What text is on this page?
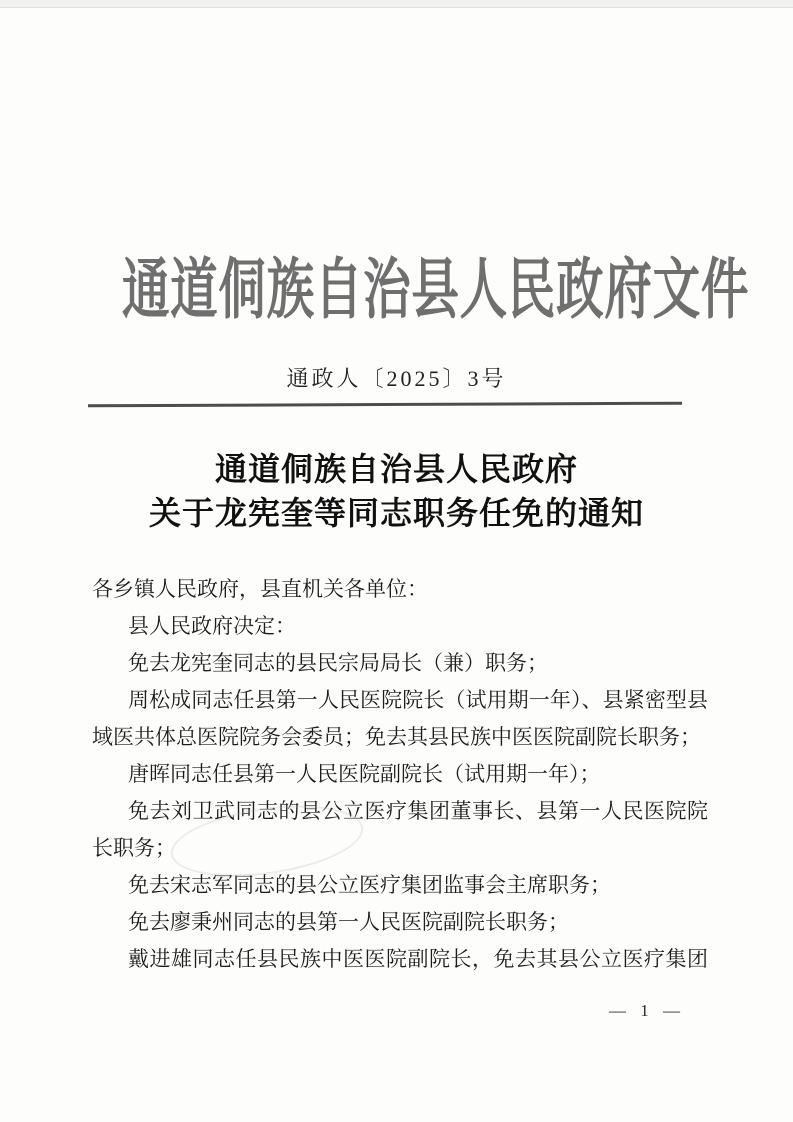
通道侗族自治县人民政府文件
通政人〔2025〕3号
通道侗族自治县人民政府
关于龙宪奎等同志职务任免的通知
各乡镇人民政府，县直机关各单位：
县人民政府决定：
免去龙宪奎同志的县民宗局局长（兼）职务；
周松成同志任县第一人民医院院长（试用期一年）、县紧密型县
域医共体总医院院务会委员；免去其县民族中医医院副院长职务；
唐晖同志任县第一人民医院副院长（试用期一年）；
免去刘卫武同志的县公立医疗集团董事长、县第一人民医院院
长职务；
免去宋志军同志的县公立医疗集团监事会主席职务；
免去廖秉州同志的县第一人民医院副院长职务；
戴进雄同志任县民族中医医院副院长，免去其县公立医疗集团
— 1 —
